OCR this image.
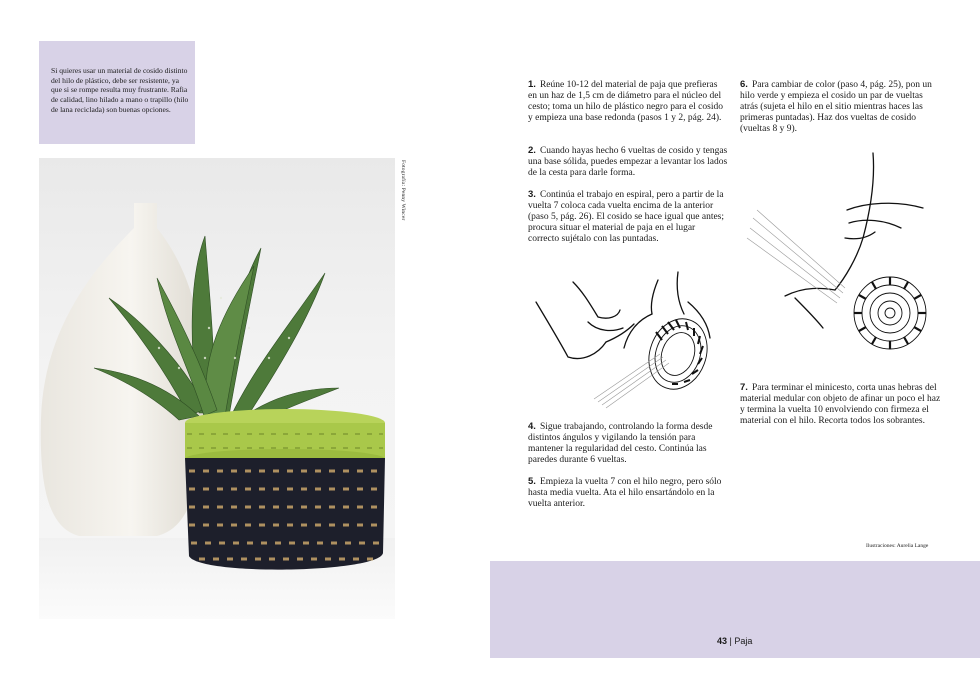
Si quieres usar un material de cosido distinto del hilo de plástico, debe ser resistente, ya que si se rompe resulta muy frustrante. Rafia de calidad, lino hilado a mano o trapillo (hilo de lana reciclada) son buenas opciones.

Fotografía: Penny Wincer

1. Reúne 10-12 del material de paja que prefieras en un haz de 1,5 cm de diámetro para el núcleo del cesto; toma un hilo de plástico negro para el cosido y empieza una base redonda (pasos 1 y 2, pág. 24).

2. Cuando hayas hecho 6 vueltas de cosido y tengas una base sólida, puedes empezar a levantar los lados de la cesta para darle forma.

3. Continúa el trabajo en espiral, pero a partir de la vuelta 7 coloca cada vuelta encima de la anterior (paso 5, pág. 26). El cosido se hace igual que antes; procura situar el material de paja en el lugar correcto sujétalo con las puntadas.

4. Sigue trabajando, controlando la forma desde distintos ángulos y vigilando la tensión para mantener la regularidad del cesto. Continúa las paredes durante 6 vueltas.

5. Empieza la vuelta 7 con el hilo negro, pero sólo hasta media vuelta. Ata el hilo ensartándolo en la vuelta anterior.

6. Para cambiar de color (paso 4, pág. 25), pon un hilo verde y empieza el cosido un par de vueltas atrás (sujeta el hilo en el sitio mientras haces las primeras puntadas). Haz dos vueltas de cosido (vueltas 8 y 9).

7. Para terminar el minicesto, corta unas hebras del material medular con objeto de afinar un poco el haz y termina la vuelta 10 envolviendo con firmeza el material con el hilo. Recorta todos los sobrantes.

Ilustraciones: Aurelia Lange

43 | Paja
